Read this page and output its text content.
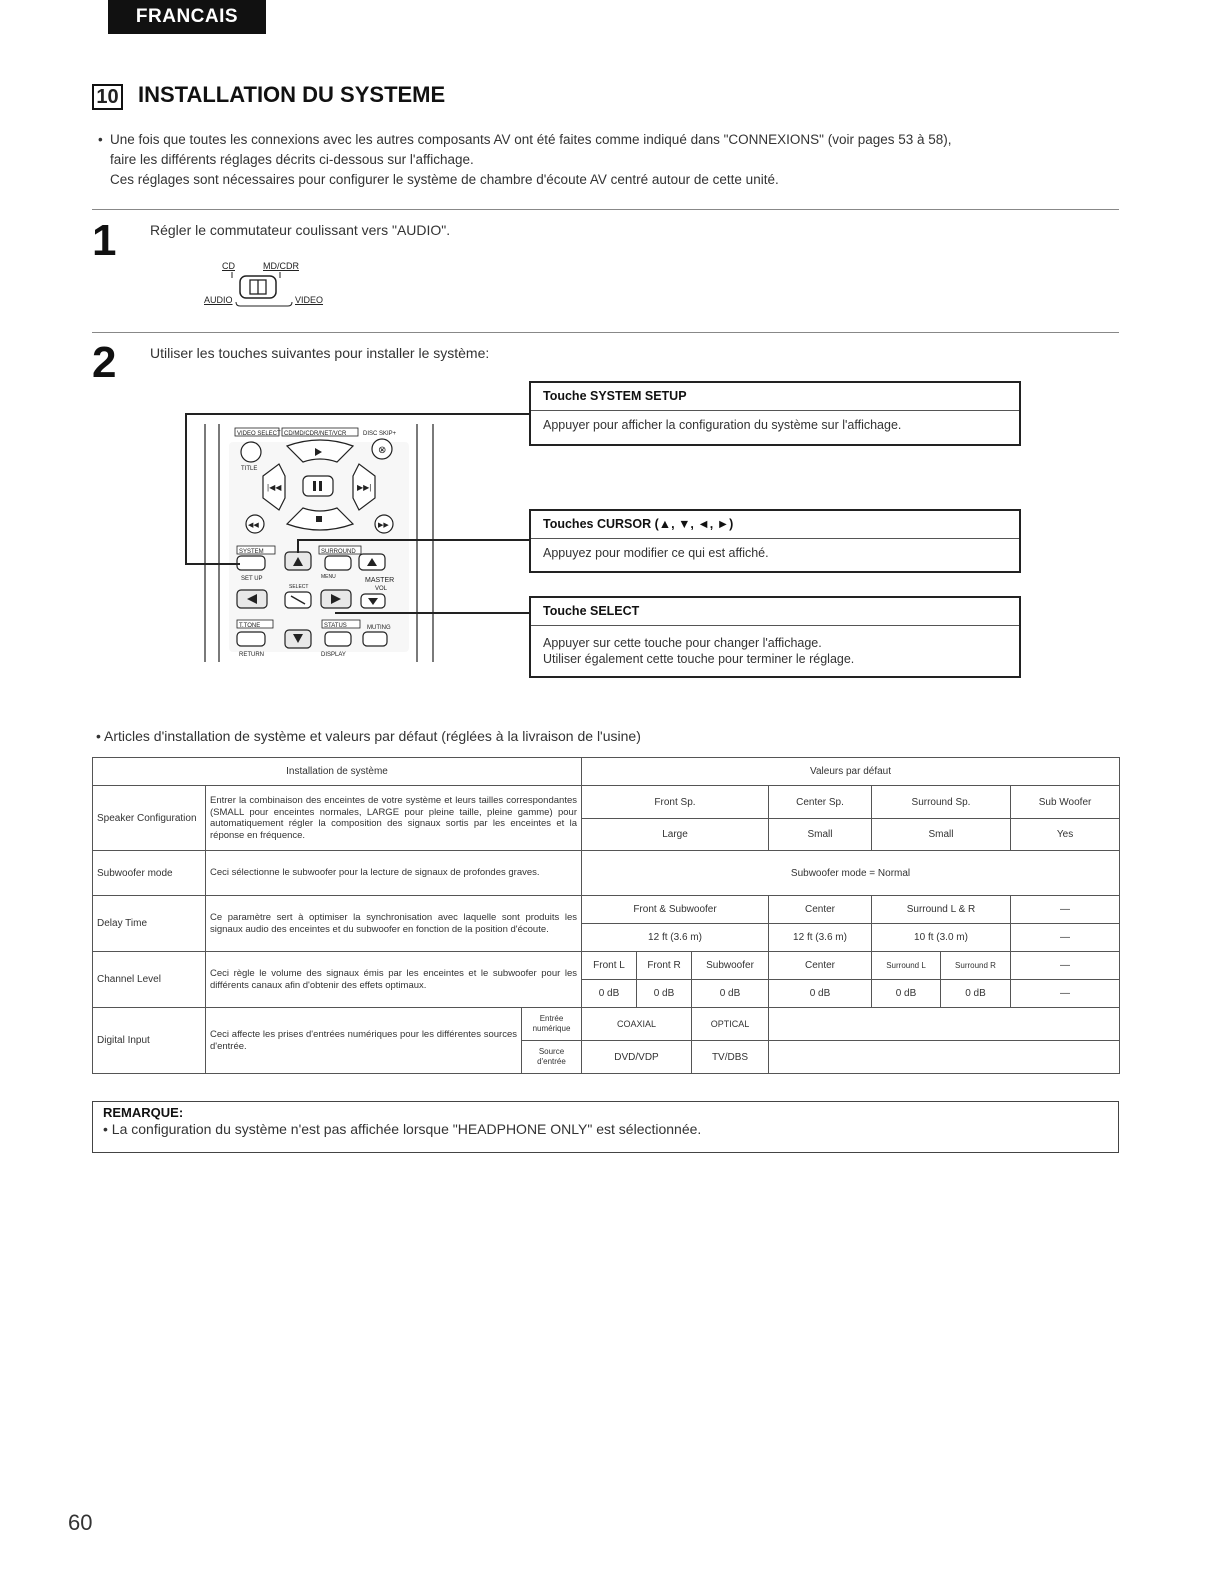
FRANCAIS
10 INSTALLATION DU SYSTEME
• Une fois que toutes les connexions avec les autres composants AV ont été faites comme indiqué dans "CONNEXIONS" (voir pages 53 à 58),
faire les différents réglages décrits ci-dessous sur l'affichage.
Ces réglages sont nécessaires pour configurer le système de chambre d'écoute AV centré autour de cette unité.
1 Régler le commutateur coulissant vers "AUDIO".
CD	MD/CDR
AUDIO	VIDEO
2 Utiliser les touches suivantes pour installer le système:
VIDEO SELECT CD/MD/CDR/NET/VCR	DISC SKIP+
⊗
TITLE
|◀◀	▶▶|
◀◀	▶▶
SYSTEM	SURROUND
SET UP	MENU	MASTER
VOL
SELECT
T.TONE	STATUS	MUTING
RETURN	DISPLAY
Touche SYSTEM SETUP
Appuyer pour afficher la configuration du système sur l'affichage.
Touches CURSOR (▲, ▼, ◄, ►)
Appuyez pour modifier ce qui est affiché.
Touche SELECT
Appuyer sur cette touche pour changer l'affichage.
Utiliser également cette touche pour terminer le réglage.
• Articles d'installation de système et valeurs par défaut (réglées à la livraison de l'usine)
Installation de système			Valeurs par défaut						
Speaker Configuration	Entrer la combinaison des enceintes de votre système et leurs tailles correspondantes (SMALL pour enceintes normales, LARGE pour pleine taille, pleine gamme) pour automatiquement régler la composition des signaux sortis par les enceintes et la réponse en fréquence.		Front Sp.			Center Sp.	Surround Sp.		Sub Woofer
			Large			Small	Small		Yes
Subwoofer mode	Ceci sélectionne le subwoofer pour la lecture de signaux de profondes graves.		Subwoofer mode = Normal						
Delay Time	Ce paramètre sert à optimiser la synchronisation avec laquelle sont produits les signaux audio des enceintes et du subwoofer en fonction de la position d'écoute.		Front & Subwoofer			Center	Surround L & R		—
			12 ft (3.6 m)			12 ft (3.6 m)	10 ft (3.0 m)		—
Channel Level	Ceci règle le volume des signaux émis par les enceintes et le subwoofer pour les différents canaux afin d'obtenir des effets optimaux.		Front L	Front R	Subwoofer	Center	Surround L	Surround R	—
			0 dB	0 dB	0 dB	0 dB	0 dB	0 dB	—
Digital Input	Ceci affecte les prises d'entrées numériques pour les différentes sources d'entrée.	Entrée numérique	COAXIAL		OPTICAL				
		Source d'entrée	DVD/VDP		TV/DBS				
REMARQUE:
• La configuration du système n'est pas affichée lorsque "HEADPHONE ONLY" est sélectionnée.
60
